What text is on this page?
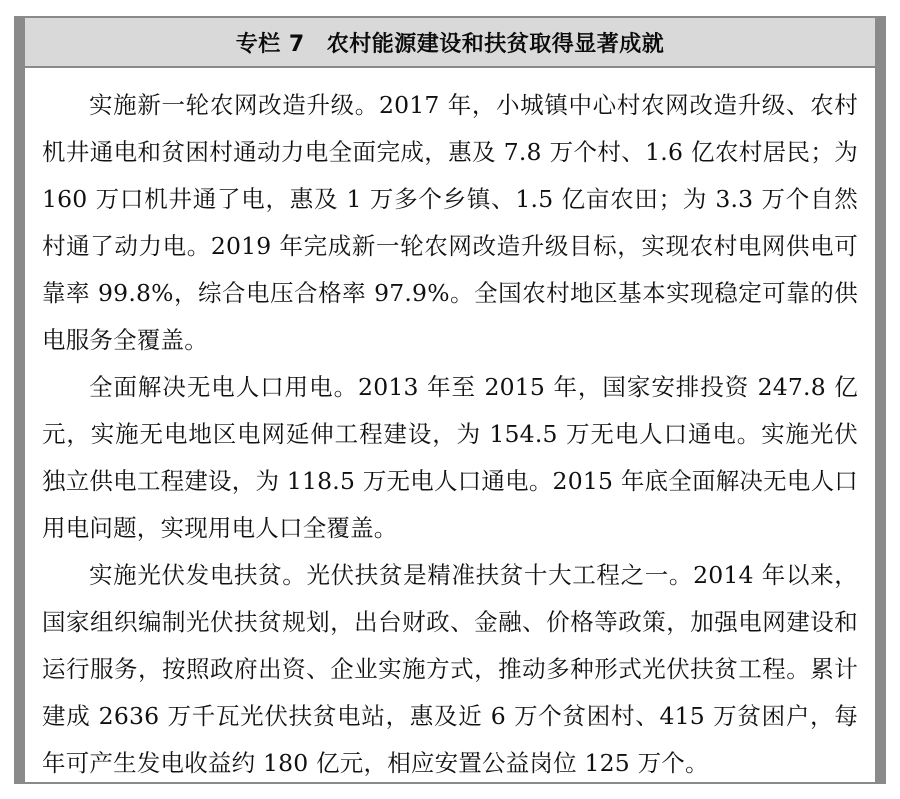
专栏 7 农村能源建设和扶贫取得显著成就

实施新一轮农网改造升级。2017 年，小城镇中心村农网改造升级、农村机井通电和贫困村通动力电全面完成，惠及 7.8 万个村、1.6 亿农村居民；为 160 万口机井通了电，惠及 1 万多个乡镇、1.5 亿亩农田；为 3.3 万个自然村通了动力电。2019 年完成新一轮农网改造升级目标，实现农村电网供电可靠率 99.8%，综合电压合格率 97.9%。全国农村地区基本实现稳定可靠的供电服务全覆盖。

全面解决无电人口用电。2013 年至 2015 年，国家安排投资 247.8 亿元，实施无电地区电网延伸工程建设，为 154.5 万无电人口通电。实施光伏独立供电工程建设，为 118.5 万无电人口通电。2015 年底全面解决无电人口用电问题，实现用电人口全覆盖。

实施光伏发电扶贫。光伏扶贫是精准扶贫十大工程之一。2014 年以来，国家组织编制光伏扶贫规划，出台财政、金融、价格等政策，加强电网建设和运行服务，按照政府出资、企业实施方式，推动多种形式光伏扶贫工程。累计建成 2636 万千瓦光伏扶贫电站，惠及近 6 万个贫困村、415 万贫困户，每年可产生发电收益约 180 亿元，相应安置公益岗位 125 万个。
